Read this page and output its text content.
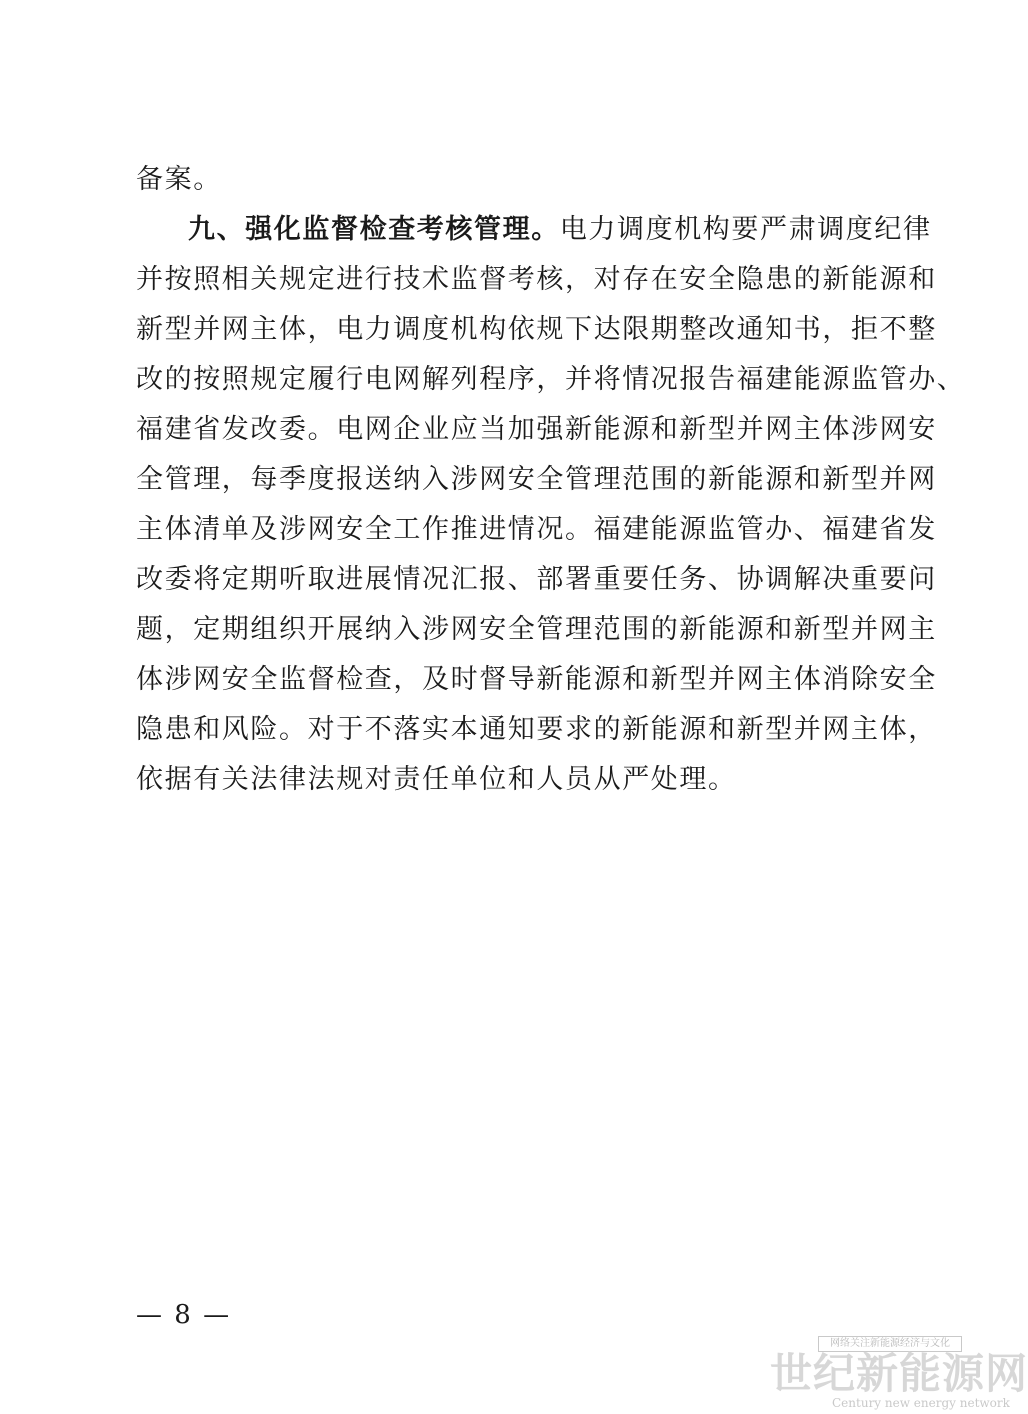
备案。
九、强化监督检查考核管理。电力调度机构要严肃调度纪律
并按照相关规定进行技术监督考核，对存在安全隐患的新能源和
新型并网主体，电力调度机构依规下达限期整改通知书，拒不整
改的按照规定履行电网解列程序，并将情况报告福建能源监管办、
福建省发改委。电网企业应当加强新能源和新型并网主体涉网安
全管理，每季度报送纳入涉网安全管理范围的新能源和新型并网
主体清单及涉网安全工作推进情况。福建能源监管办、福建省发
改委将定期听取进展情况汇报、部署重要任务、协调解决重要问
题，定期组织开展纳入涉网安全管理范围的新能源和新型并网主
体涉网安全监督检查，及时督导新能源和新型并网主体消除安全
隐患和风险。对于不落实本通知要求的新能源和新型并网主体，
依据有关法律法规对责任单位和人员从严处理。
— 8 —
网络关注新能源经济与文化
世纪新能源网
Century new energy network
